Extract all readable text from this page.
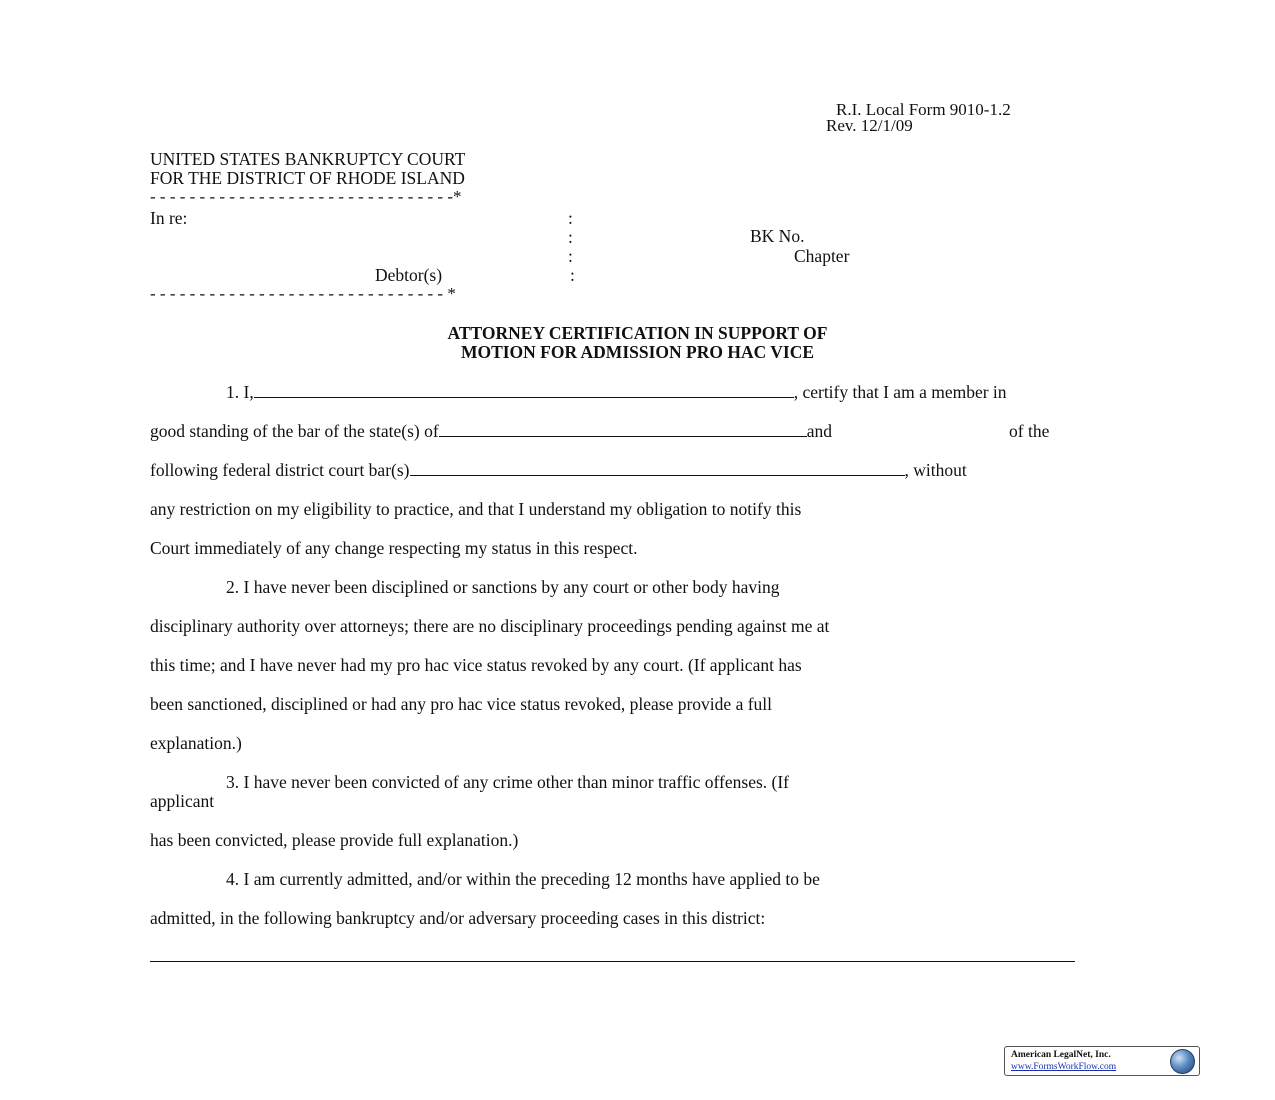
R.I. Local Form 9010-1.2
Rev. 12/1/09
UNITED STATES BANKRUPTCY COURT
FOR THE DISTRICT OF RHODE ISLAND
- - - - - - - - - - - - - - - - - - - - - - - - - - - - - - -*
In re:	:
:	BK No.
:	Chapter
Debtor(s)	:
- - - - - - - - - - - - - - - - - - - - - - - - - - - - - - *
ATTORNEY CERTIFICATION IN SUPPORT OF
MOTION FOR ADMISSION PRO HAC VICE
1. I,	, certify that I am a member in
good standing of the bar of the state(s) of	and	of the
following federal district court bar(s)	, without
any restriction on my eligibility to practice, and that I understand my obligation to notify this
Court immediately of any change respecting my status in this respect.
2. I have never been disciplined or sanctions by any court or other body having
disciplinary authority over attorneys; there are no disciplinary proceedings pending against me at
this time; and I have never had my pro hac vice status revoked by any court. (If applicant has
been sanctioned, disciplined or had any pro hac vice status revoked, please provide a full
explanation.)
3. I have never been convicted of any crime other than minor traffic offenses. (If
applicant
has been convicted, please provide full explanation.)
4. I am currently admitted, and/or within the preceding 12 months have applied to be
admitted, in the following bankruptcy and/or adversary proceeding cases in this district:
American LegalNet, Inc.
www.FormsWorkFlow.com
